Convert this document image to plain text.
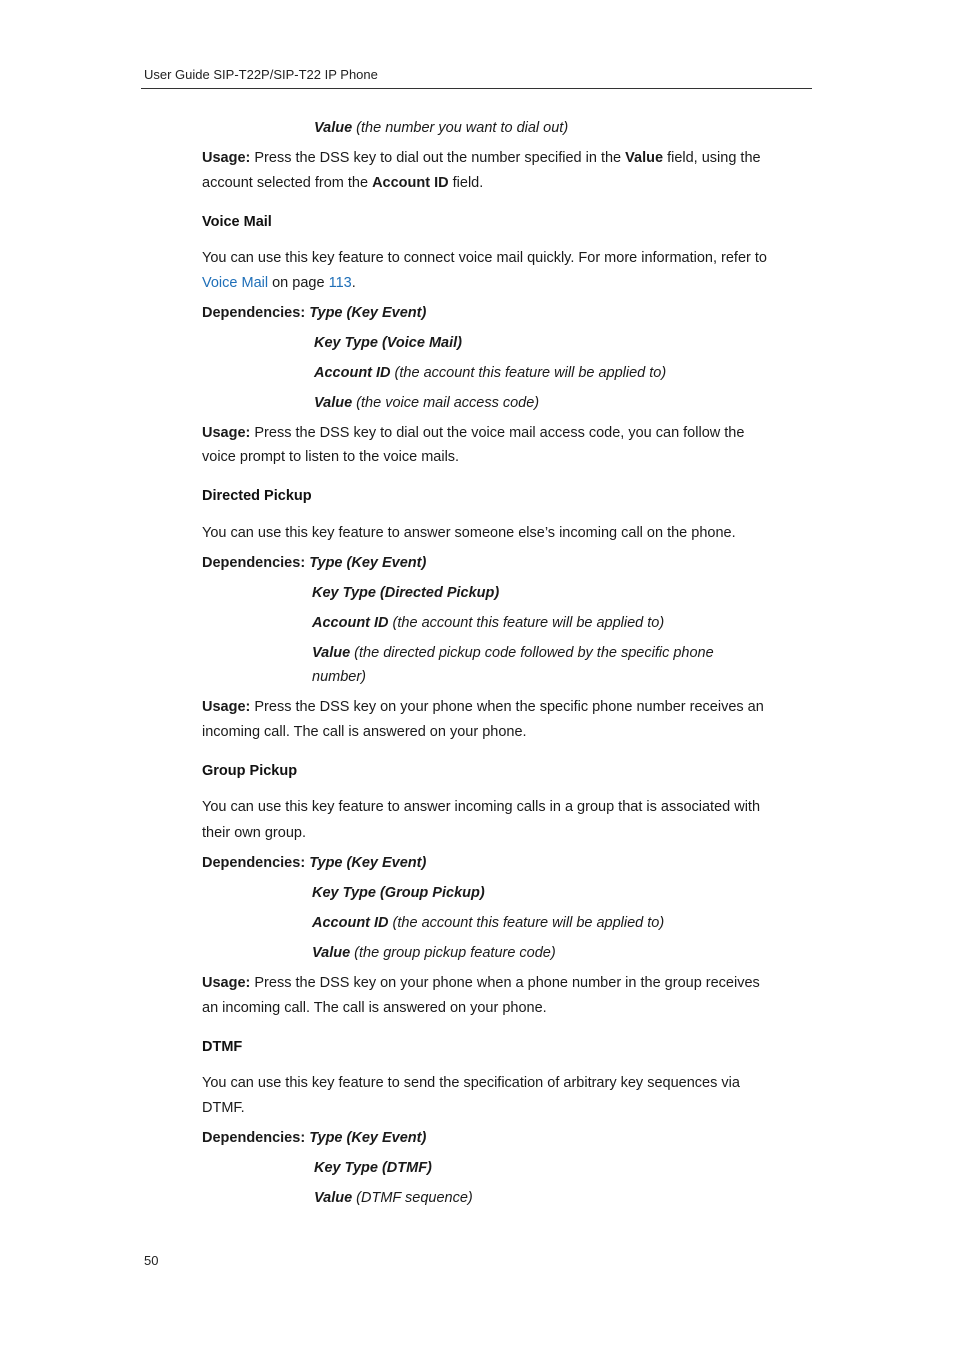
User Guide SIP-T22P/SIP-T22 IP Phone
Value (the number you want to dial out)
Usage: Press the DSS key to dial out the number specified in the Value field, using the
account selected from the Account ID field.
Voice Mail
You can use this key feature to connect voice mail quickly. For more information, refer to
Voice Mail on page 113.
Dependencies: Type (Key Event)
Key Type (Voice Mail)
Account ID (the account this feature will be applied to)
Value (the voice mail access code)
Usage: Press the DSS key to dial out the voice mail access code, you can follow the
voice prompt to listen to the voice mails.
Directed Pickup
You can use this key feature to answer someone else’s incoming call on the phone.
Dependencies: Type (Key Event)
Key Type (Directed Pickup)
Account ID (the account this feature will be applied to)
Value (the directed pickup code followed by the specific phone
number)
Usage: Press the DSS key on your phone when the specific phone number receives an
incoming call. The call is answered on your phone.
Group Pickup
You can use this key feature to answer incoming calls in a group that is associated with
their own group.
Dependencies: Type (Key Event)
Key Type (Group Pickup)
Account ID (the account this feature will be applied to)
Value (the group pickup feature code)
Usage: Press the DSS key on your phone when a phone number in the group receives
an incoming call. The call is answered on your phone.
DTMF
You can use this key feature to send the specification of arbitrary key sequences via
DTMF.
Dependencies: Type (Key Event)
Key Type (DTMF)
Value (DTMF sequence)
50
